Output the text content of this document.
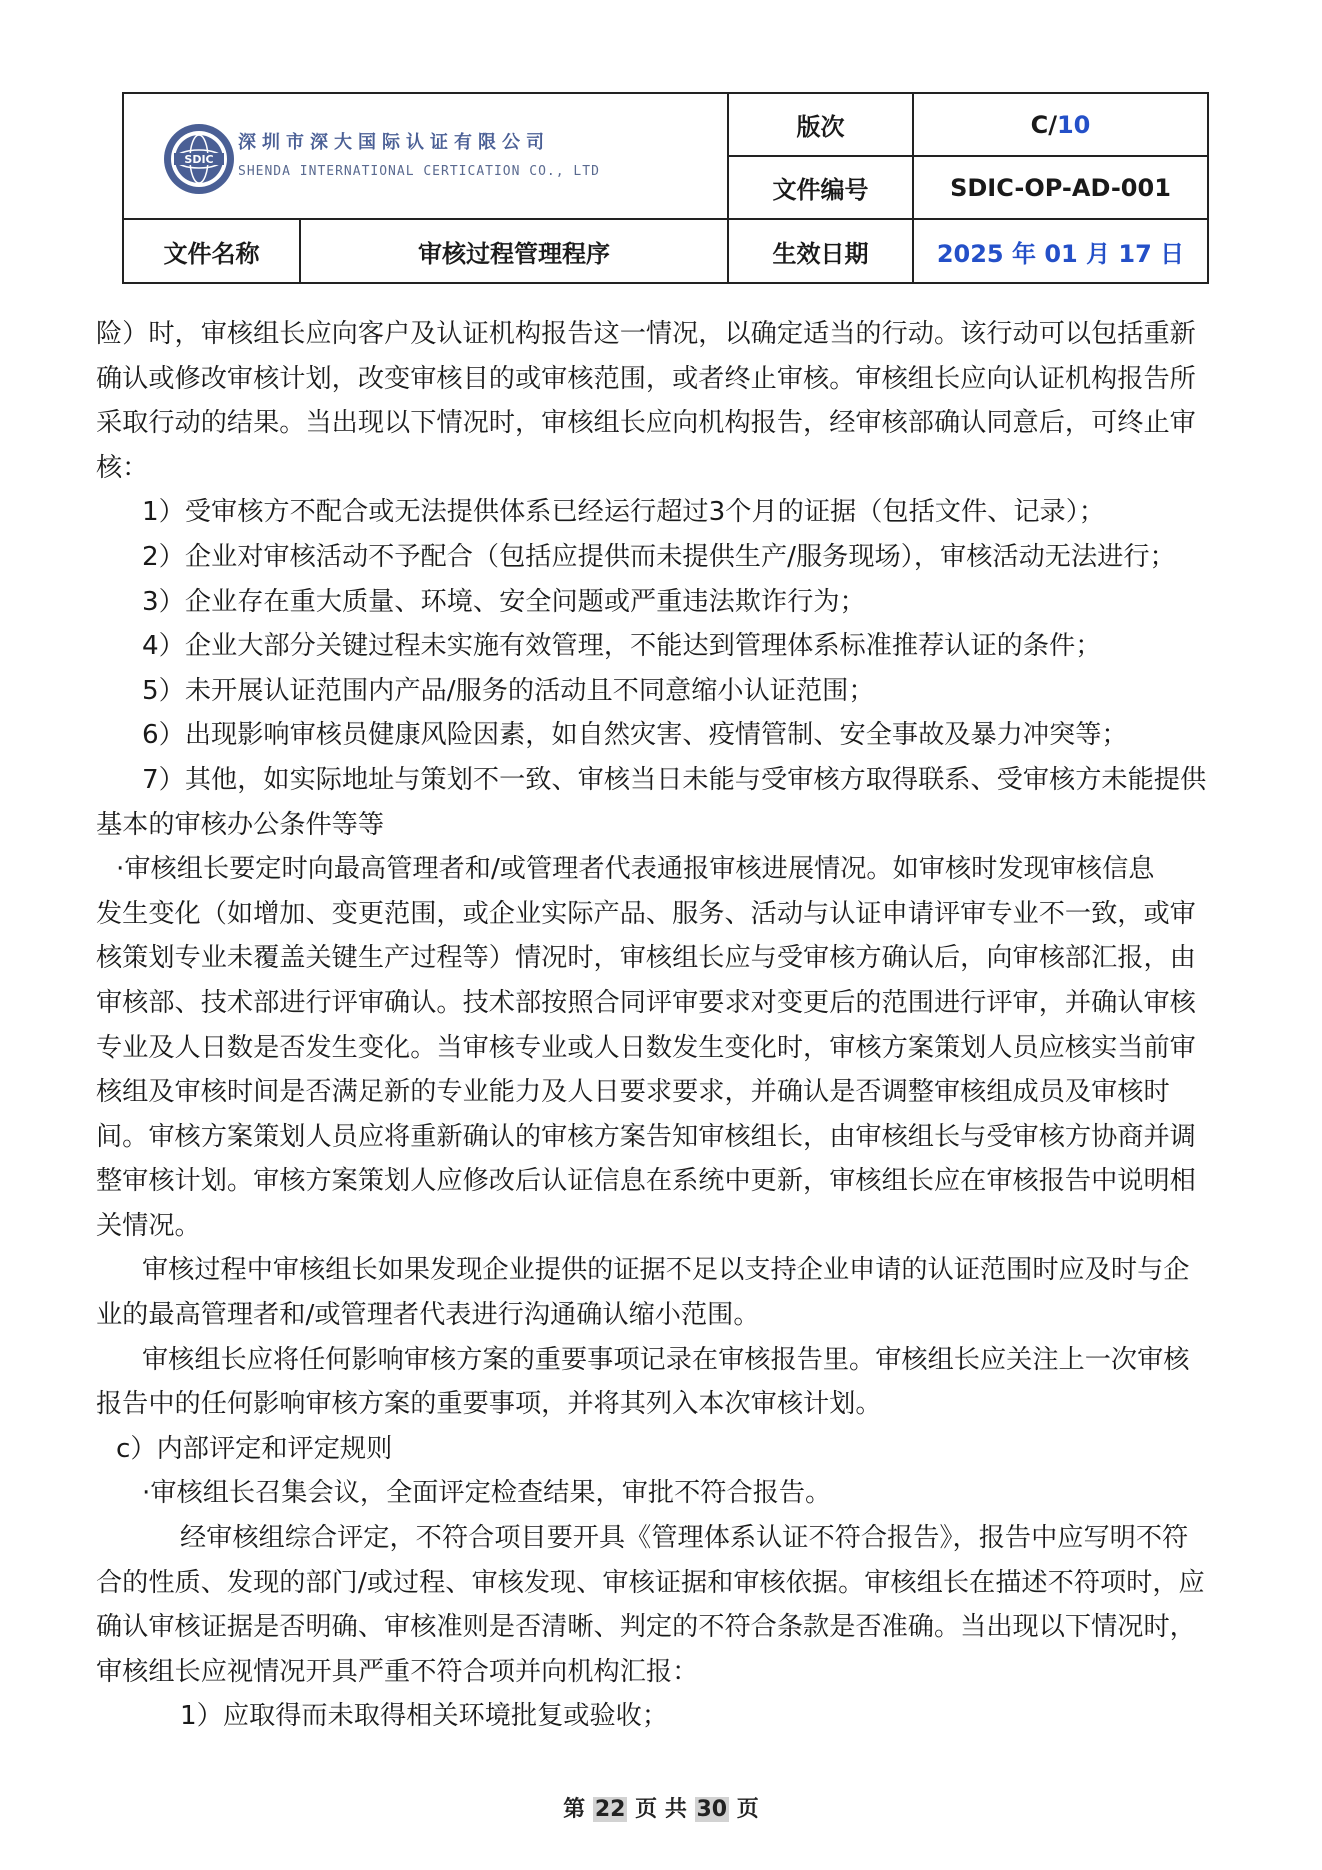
SDIC
深圳市深大国际认证有限公司
SHENDA INTERNATIONAL CERTICATION CO., LTD		版次	C/10
		文件编号	SDIC-OP-AD-001
文件名称	审核过程管理程序	生效日期	2025 年 01 月 17 日

险）时，审核组长应向客户及认证机构报告这一情况，以确定适当的行动。该行动可以包括重新

确认或修改审核计划，改变审核目的或审核范围，或者终止审核。审核组长应向认证机构报告所

采取行动的结果。当出现以下情况时，审核组长应向机构报告，经审核部确认同意后，可终止审

核：

1）受审核方不配合或无法提供体系已经运行超过3个月的证据（包括文件、记录）；

2）企业对审核活动不予配合（包括应提供而未提供生产/服务现场），审核活动无法进行；

3）企业存在重大质量、环境、安全问题或严重违法欺诈行为；

4）企业大部分关键过程未实施有效管理，不能达到管理体系标准推荐认证的条件；

5）未开展认证范围内产品/服务的活动且不同意缩小认证范围；

6）出现影响审核员健康风险因素，如自然灾害、疫情管制、安全事故及暴力冲突等；

7）其他，如实际地址与策划不一致、审核当日未能与受审核方取得联系、受审核方未能提供

基本的审核办公条件等等

·审核组长要定时向最高管理者和/或管理者代表通报审核进展情况。如审核时发现审核信息

发生变化（如增加、变更范围，或企业实际产品、服务、活动与认证申请评审专业不一致，或审

核策划专业未覆盖关键生产过程等）情况时，审核组长应与受审核方确认后，向审核部汇报，由

审核部、技术部进行评审确认。技术部按照合同评审要求对变更后的范围进行评审，并确认审核

专业及人日数是否发生变化。当审核专业或人日数发生变化时，审核方案策划人员应核实当前审

核组及审核时间是否满足新的专业能力及人日要求要求，并确认是否调整审核组成员及审核时

间。审核方案策划人员应将重新确认的审核方案告知审核组长，由审核组长与受审核方协商并调

整审核计划。审核方案策划人应修改后认证信息在系统中更新，审核组长应在审核报告中说明相

关情况。

审核过程中审核组长如果发现企业提供的证据不足以支持企业申请的认证范围时应及时与企

业的最高管理者和/或管理者代表进行沟通确认缩小范围。

审核组长应将任何影响审核方案的重要事项记录在审核报告里。审核组长应关注上一次审核

报告中的任何影响审核方案的重要事项，并将其列入本次审核计划。

c）内部评定和评定规则

·审核组长召集会议，全面评定检查结果，审批不符合报告。

经审核组综合评定，不符合项目要开具《管理体系认证不符合报告》，报告中应写明不符

合的性质、发现的部门/或过程、审核发现、审核证据和审核依据。审核组长在描述不符项时，应

确认审核证据是否明确、审核准则是否清晰、判定的不符合条款是否准确。当出现以下情况时，

审核组长应视情况开具严重不符合项并向机构汇报：

1）应取得而未取得相关环境批复或验收；

第 22 页 共 30 页
